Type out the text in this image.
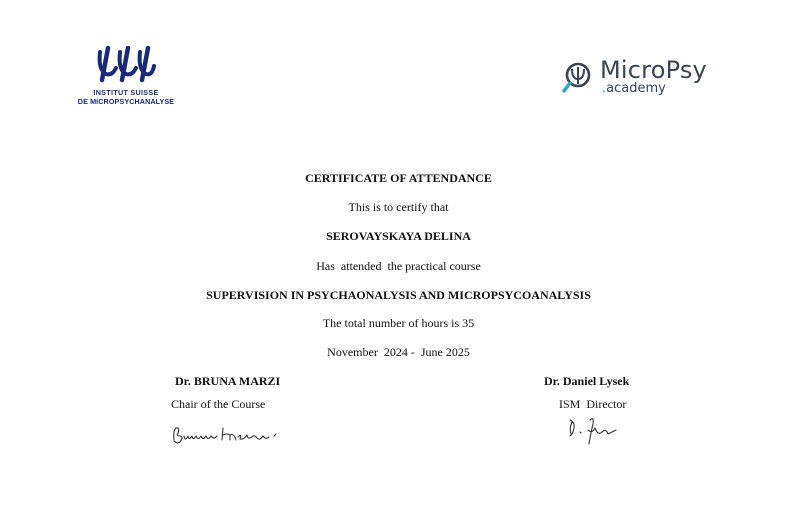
INSTITUT SUISSE
DE MICROPSYCHANALYSE
MicroPsy
.academy
CERTIFICATE OF ATTENDANCE
This is to certify that
SEROVAYSKAYA DELINA
Has  attended  the practical course
SUPERVISION IN PSYCHAONALYSIS AND MICROPSYCOANALYSIS
The total number of hours is 35
November  2024 -  June 2025
Dr. BRUNA MARZI
Chair of the Course
Dr. Daniel Lysek
ISM  Director
